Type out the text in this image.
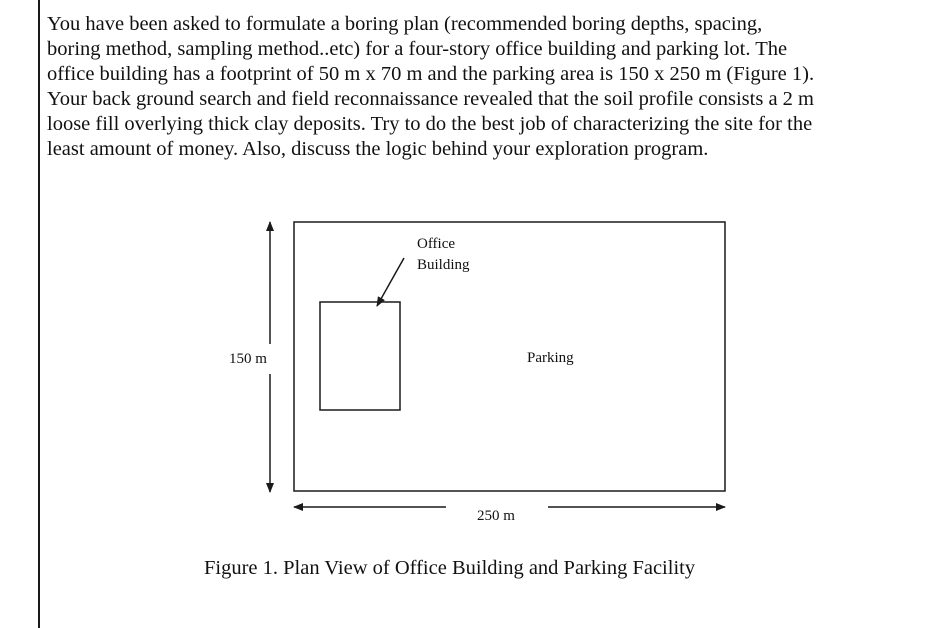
You have been asked to formulate a boring plan (recommended boring depths, spacing,
boring method, sampling method..etc) for a four-story office building and parking lot. The
office building has a footprint of 50 m x 70 m and the parking area is 150 x 250 m (Figure 1).
Your back ground search and field reconnaissance revealed that the soil profile consists a 2 m
loose fill overlying thick clay deposits. Try to do the best job of characterizing the site for the
least amount of money. Also, discuss the logic behind your exploration program.
Office
Building
Parking
150 m
250 m
Figure 1. Plan View of Office Building and Parking Facility
